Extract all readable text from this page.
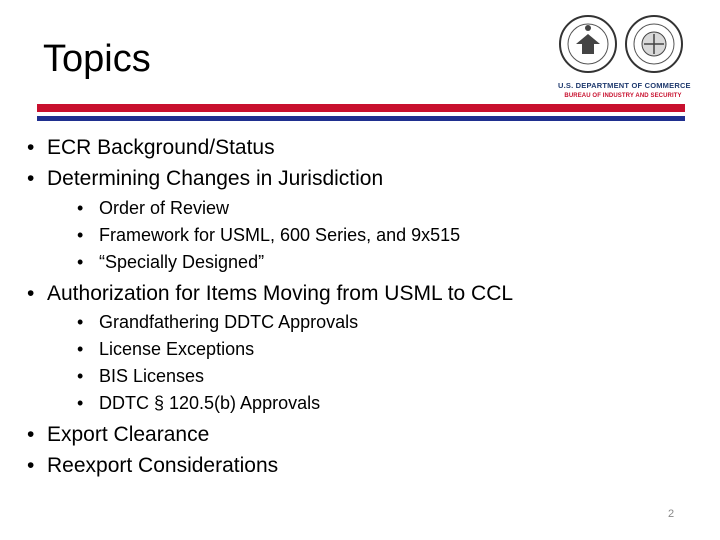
Topics
U.S. DEPARTMENT OF COMMERCE
BUREAU OF INDUSTRY AND SECURITY
• ECR Background/Status
• Determining Changes in Jurisdiction
• Order of Review
• Framework for USML, 600 Series, and 9x515
• “Specially Designed”
• Authorization for Items Moving from USML to CCL
• Grandfathering DDTC Approvals
• License Exceptions
• BIS Licenses
• DDTC § 120.5(b) Approvals
• Export Clearance
• Reexport Considerations
2
